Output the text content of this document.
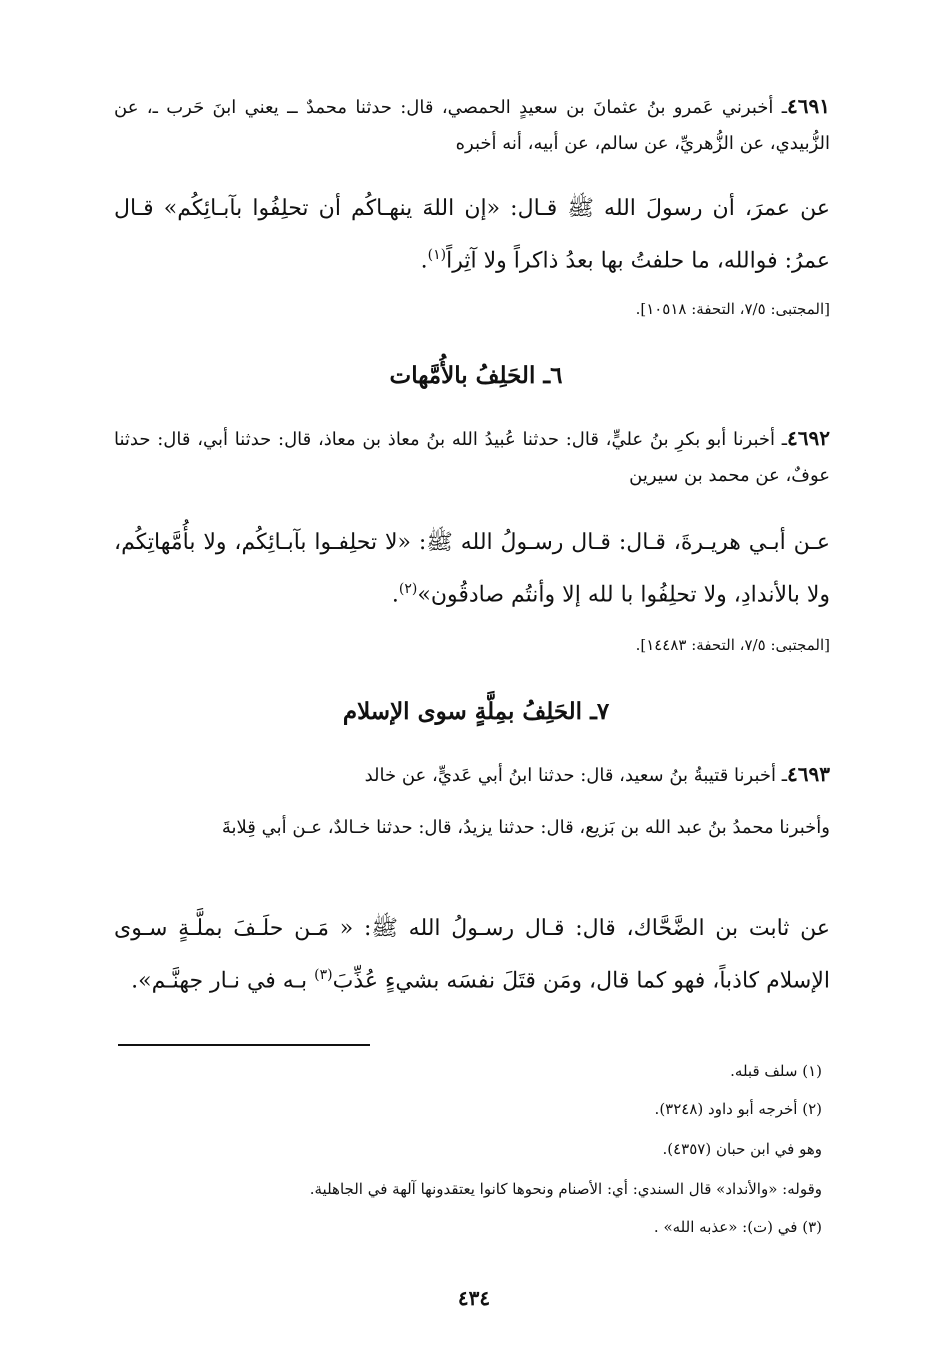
٤٦٩١ـ أخبرني عَمرو بنُ عثمانَ بن سعيدٍ الحمصي، قال: حدثنا محمدٌ ــ يعني ابنَ حَرب ـ، عن الزُّبيدي، عن الزُّهريِّ، عن سالم، عن أبيه، أنه أخبره

عن عمرَ، أن رسولَ الله ﷺ قـال: «إن اللهَ ينهـاكُم أن تحلِفُوا بآبـائِكُم» قـال عمرُ: فوالله، ما حلفتُ بها بعدُ ذاكراً ولا آثِراً$^{(١)}$.

[المجتبى: ٧/٥، التحفة: ١٠٥١٨].

٦ـ الحَلِفُ بالأُمَّهات

٤٦٩٢ـ أخبرنا أبو بكرِ بنُ عليٍّ، قال: حدثنا عُبيدُ الله بنُ معاذ بن معاذ، قال: حدثنا أبي، قال: حدثنا عوفٌ، عن محمد بن سيرين

عـن أبـي هريـرةَ، قـال: قـال رسـولُ الله ﷺ: «لا تحلِفـوا بآبـائِكُم، ولا بأُمَّهاتِكُم، ولا بالأندادِ، ولا تحلِفُوا با لله إلا وأنتُم صادقُون»$^{(٢)}$.

[المجتبى: ٧/٥، التحفة: ١٤٤٨٣].

٧ـ الحَلِفُ بمِلَّةٍ سوى الإسلام

٤٦٩٣ـ أخبرنا قتيبةُ بنُ سعيد، قال: حدثنا ابنُ أبي عَديٍّ، عن خالد

وأخبرنا محمدُ بنُ عبد الله بن بَزيع، قال: حدثنا يزيدُ، قال: حدثنا خـالدٌ، عـن أبي قِلابةَ

عن ثابت بن الضَّحَّاك، قال: قـال رسـولُ الله ﷺ: « مَـن حلَـفَ بملَّـةٍ سـوى الإسلام كاذباً، فهو كما قال، ومَن قتَلَ نفسَه بشيءٍ عُذِّبَ$^{(٣)}$ بـه في نـار جهنَّـم».

(١) سلف قبله.

(٢) أخرجه أبو داود (٣٢٤٨).

وهو في ابن حبان (٤٣٥٧).

وقوله: «والأنداد» قال السندي: أي: الأصنام ونحوها كانوا يعتقدونها آلهة في الجاهلية.

(٣) في (ت): «عذبه الله» .

٤٣٤
